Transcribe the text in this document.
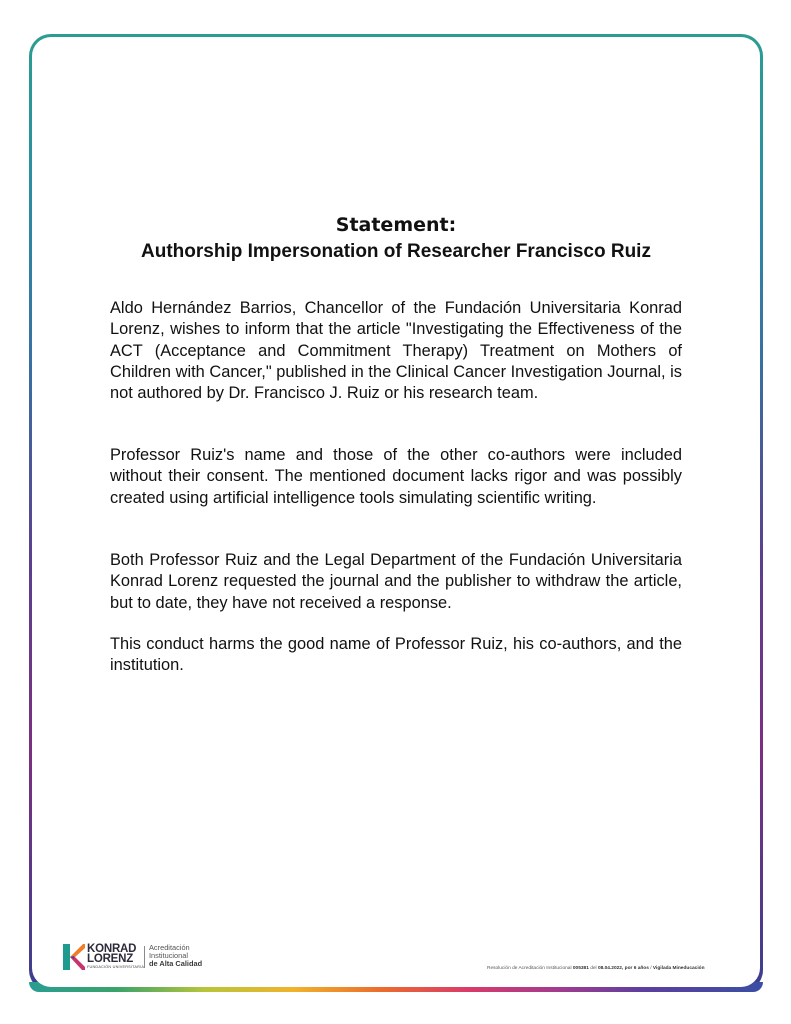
Statement:
Authorship Impersonation of Researcher Francisco Ruiz
Aldo Hernández Barrios, Chancellor of the Fundación Universitaria Konrad Lorenz, wishes to inform that the article "Investigating the Effectiveness of the ACT (Acceptance and Commitment Therapy) Treatment on Mothers of Children with Cancer," published in the Clinical Cancer Investigation Journal, is not authored by Dr. Francisco J. Ruiz or his research team.
Professor Ruiz's name and those of the other co-authors were included without their consent. The mentioned document lacks rigor and was possibly created using artificial intelligence tools simulating scientific writing.
Both Professor Ruiz and the Legal Department of the Fundación Universitaria Konrad Lorenz requested the journal and the publisher to withdraw the article, but to date, they have not received a response.
This conduct harms the good name of Professor Ruiz, his co-authors, and the institution.
KONRAD
LORENZ
FUNDACIÓN UNIVERSITARIA
Acreditación
Institucional
de Alta Calidad
Resolución de Acreditación Institucional 005381 del 08.04.2022, por 6 años / Vigilada Mineducación
